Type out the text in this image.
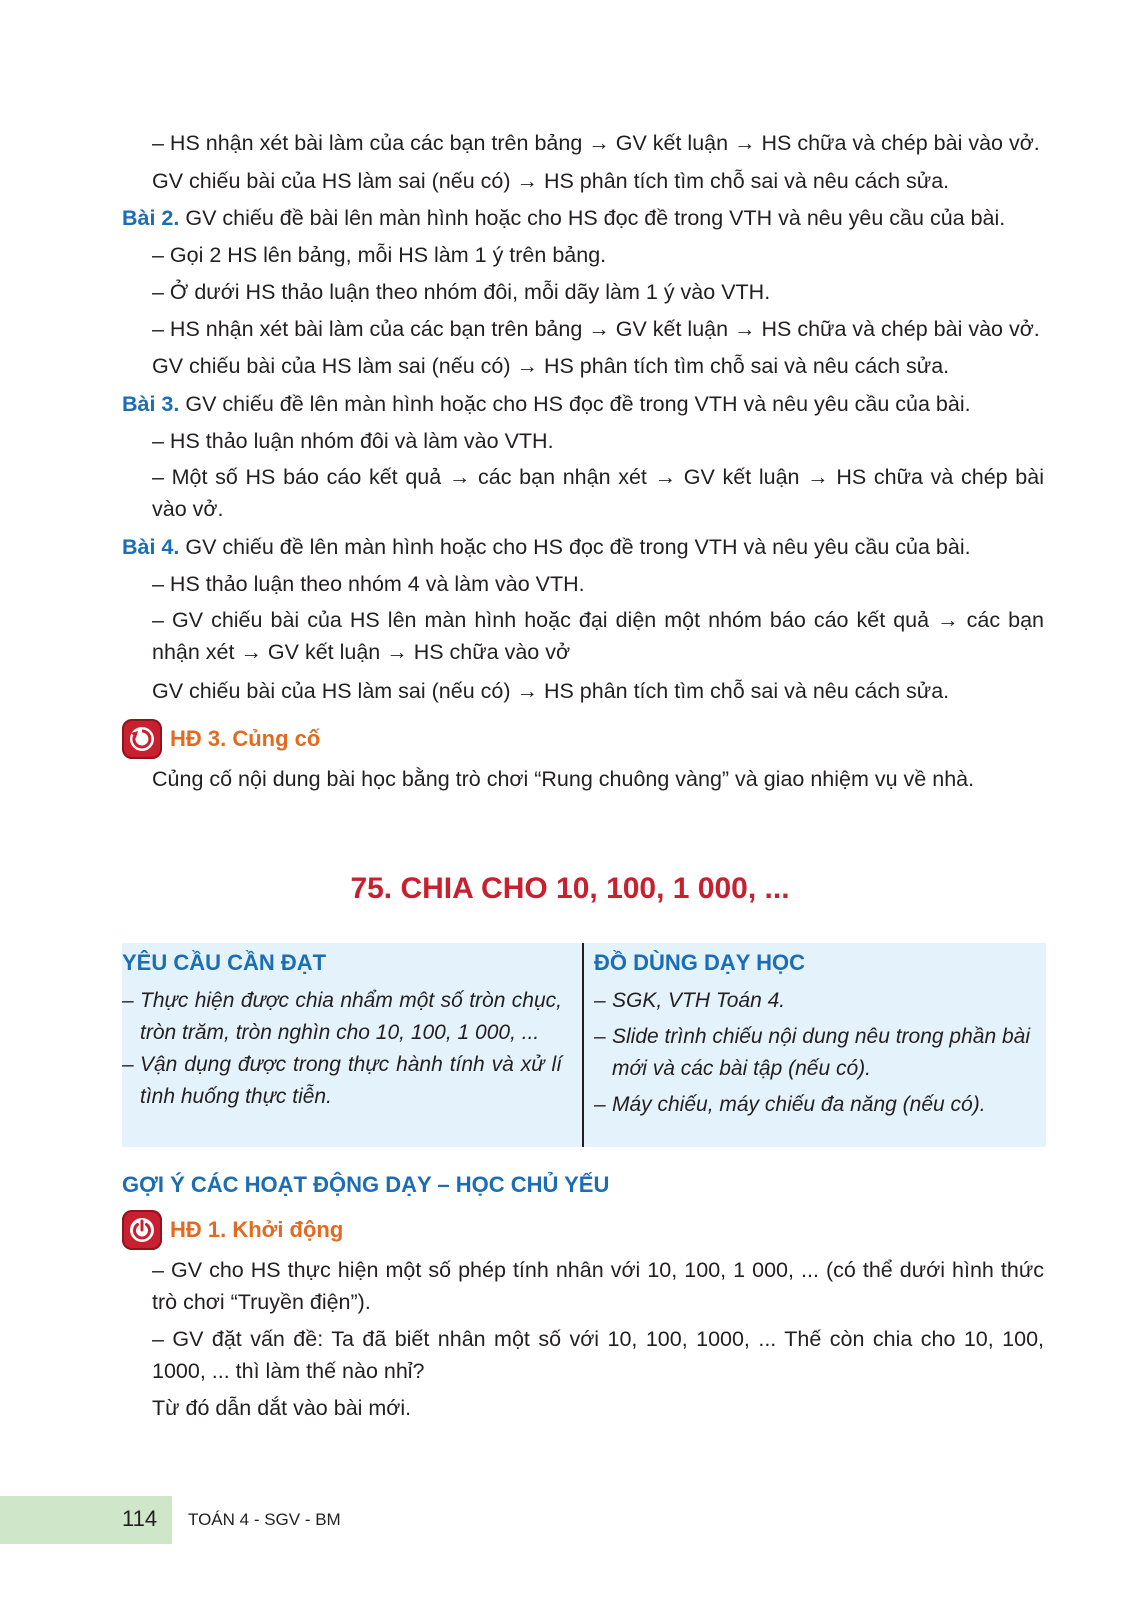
– HS nhận xét bài làm của các bạn trên bảng → GV kết luận → HS chữa và chép bài vào vở.
GV chiếu bài của HS làm sai (nếu có) → HS phân tích tìm chỗ sai và nêu cách sửa.
Bài 2. GV chiếu đề bài lên màn hình hoặc cho HS đọc đề trong VTH và nêu yêu cầu của bài.
– Gọi 2 HS lên bảng, mỗi HS làm 1 ý trên bảng.
– Ở dưới HS thảo luận theo nhóm đôi, mỗi dãy làm 1 ý vào VTH.
– HS nhận xét bài làm của các bạn trên bảng → GV kết luận → HS chữa và chép bài vào vở.
GV chiếu bài của HS làm sai (nếu có) → HS phân tích tìm chỗ sai và nêu cách sửa.
Bài 3. GV chiếu đề lên màn hình hoặc cho HS đọc đề trong VTH và nêu yêu cầu của bài.
– HS thảo luận nhóm đôi và làm vào VTH.
– Một số HS báo cáo kết quả → các bạn nhận xét → GV kết luận → HS chữa và chép bài vào vở.
Bài 4. GV chiếu đề lên màn hình hoặc cho HS đọc đề trong VTH và nêu yêu cầu của bài.
– HS thảo luận theo nhóm 4 và làm vào VTH.
– GV chiếu bài của HS lên màn hình hoặc đại diện một nhóm báo cáo kết quả → các bạn nhận xét → GV kết luận → HS chữa vào vở
GV chiếu bài của HS làm sai (nếu có) → HS phân tích tìm chỗ sai và nêu cách sửa.
HĐ 3. Củng cố
Củng cố nội dung bài học bằng trò chơi “Rung chuông vàng” và giao nhiệm vụ về nhà.
75. CHIA CHO 10, 100, 1 000, ...
YÊU CẦU CẦN ĐẠT
– Thực hiện được chia nhẩm một số tròn chục, tròn trăm, tròn nghìn cho 10, 100, 1 000, ...
– Vận dụng được trong thực hành tính và xử lí tình huống thực tiễn.
ĐỒ DÙNG DẠY HỌC
– SGK, VTH Toán 4.
– Slide trình chiếu nội dung nêu trong phần bài mới và các bài tập (nếu có).
– Máy chiếu, máy chiếu đa năng (nếu có).
GỢI Ý CÁC HOẠT ĐỘNG DẠY – HỌC CHỦ YẾU
HĐ 1. Khởi động
– GV cho HS thực hiện một số phép tính nhân với 10, 100, 1 000, ... (có thể dưới hình thức trò chơi “Truyền điện”).
– GV đặt vấn đề: Ta đã biết nhân một số với 10, 100, 1000, ... Thế còn chia cho 10, 100, 1000, ... thì làm thế nào nhỉ?
Từ đó dẫn dắt vào bài mới.
114 TOÁN 4 - SGV - BM
